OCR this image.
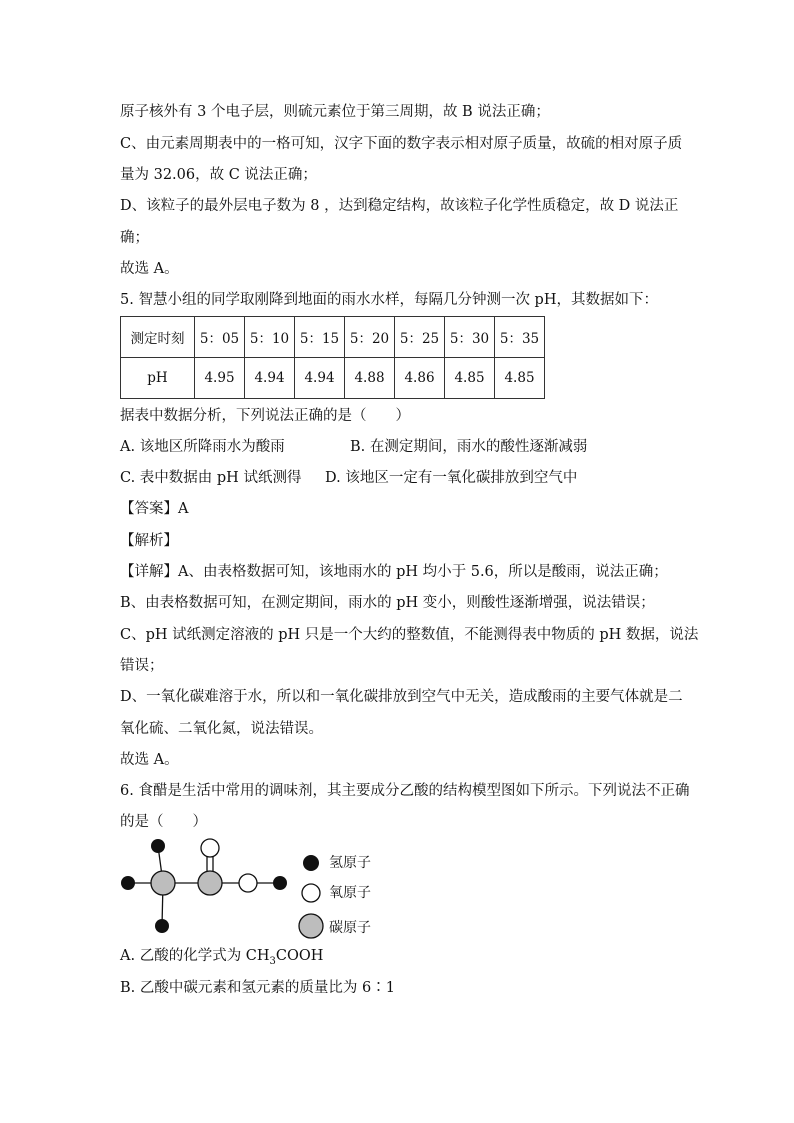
原子核外有 3 个电子层，则硫元素位于第三周期，故 B 说法正确；
C、由元素周期表中的一格可知，汉字下面的数字表示相对原子质量，故硫的相对原子质
量为 32.06，故 C 说法正确；
D、该粒子的最外层电子数为 8 ，达到稳定结构，故该粒子化学性质稳定，故 D 说法正
确；
故选 A。
5. 智慧小组的同学取刚降到地面的雨水水样，每隔几分钟测一次 pH，其数据如下：
测定时刻	5：05	5：10	5：15	5：20	5：25	5：30	5：35
pH	4.95	4.94	4.94	4.88	4.86	4.85	4.85
据表中数据分析，下列说法正确的是（　　）
A. 该地区所降雨水为酸雨	B. 在测定期间，雨水的酸性逐渐减弱
C. 表中数据由 pH 试纸测得 D. 该地区一定有一氧化碳排放到空气中
【答案】A
【解析】
【详解】A、由表格数据可知，该地雨水的 pH 均小于 5.6，所以是酸雨，说法正确；
B、由表格数据可知，在测定期间，雨水的 pH 变小，则酸性逐渐增强，说法错误；
C、pH 试纸测定溶液的 pH 只是一个大约的整数值，不能测得表中物质的 pH 数据，说法
错误；
D、一氧化碳难溶于水，所以和一氧化碳排放到空气中无关，造成酸雨的主要气体就是二
氧化硫、二氧化氮，说法错误。
故选 A。
6. 食醋是生活中常用的调味剂，其主要成分乙酸的结构模型图如下所示。下列说法不正确
的是（　　）
氢原子
氧原子
碳原子
A. 乙酸的化学式为 $CH_3COOH$
B. 乙酸中碳元素和氢元素的质量比为 6∶1
